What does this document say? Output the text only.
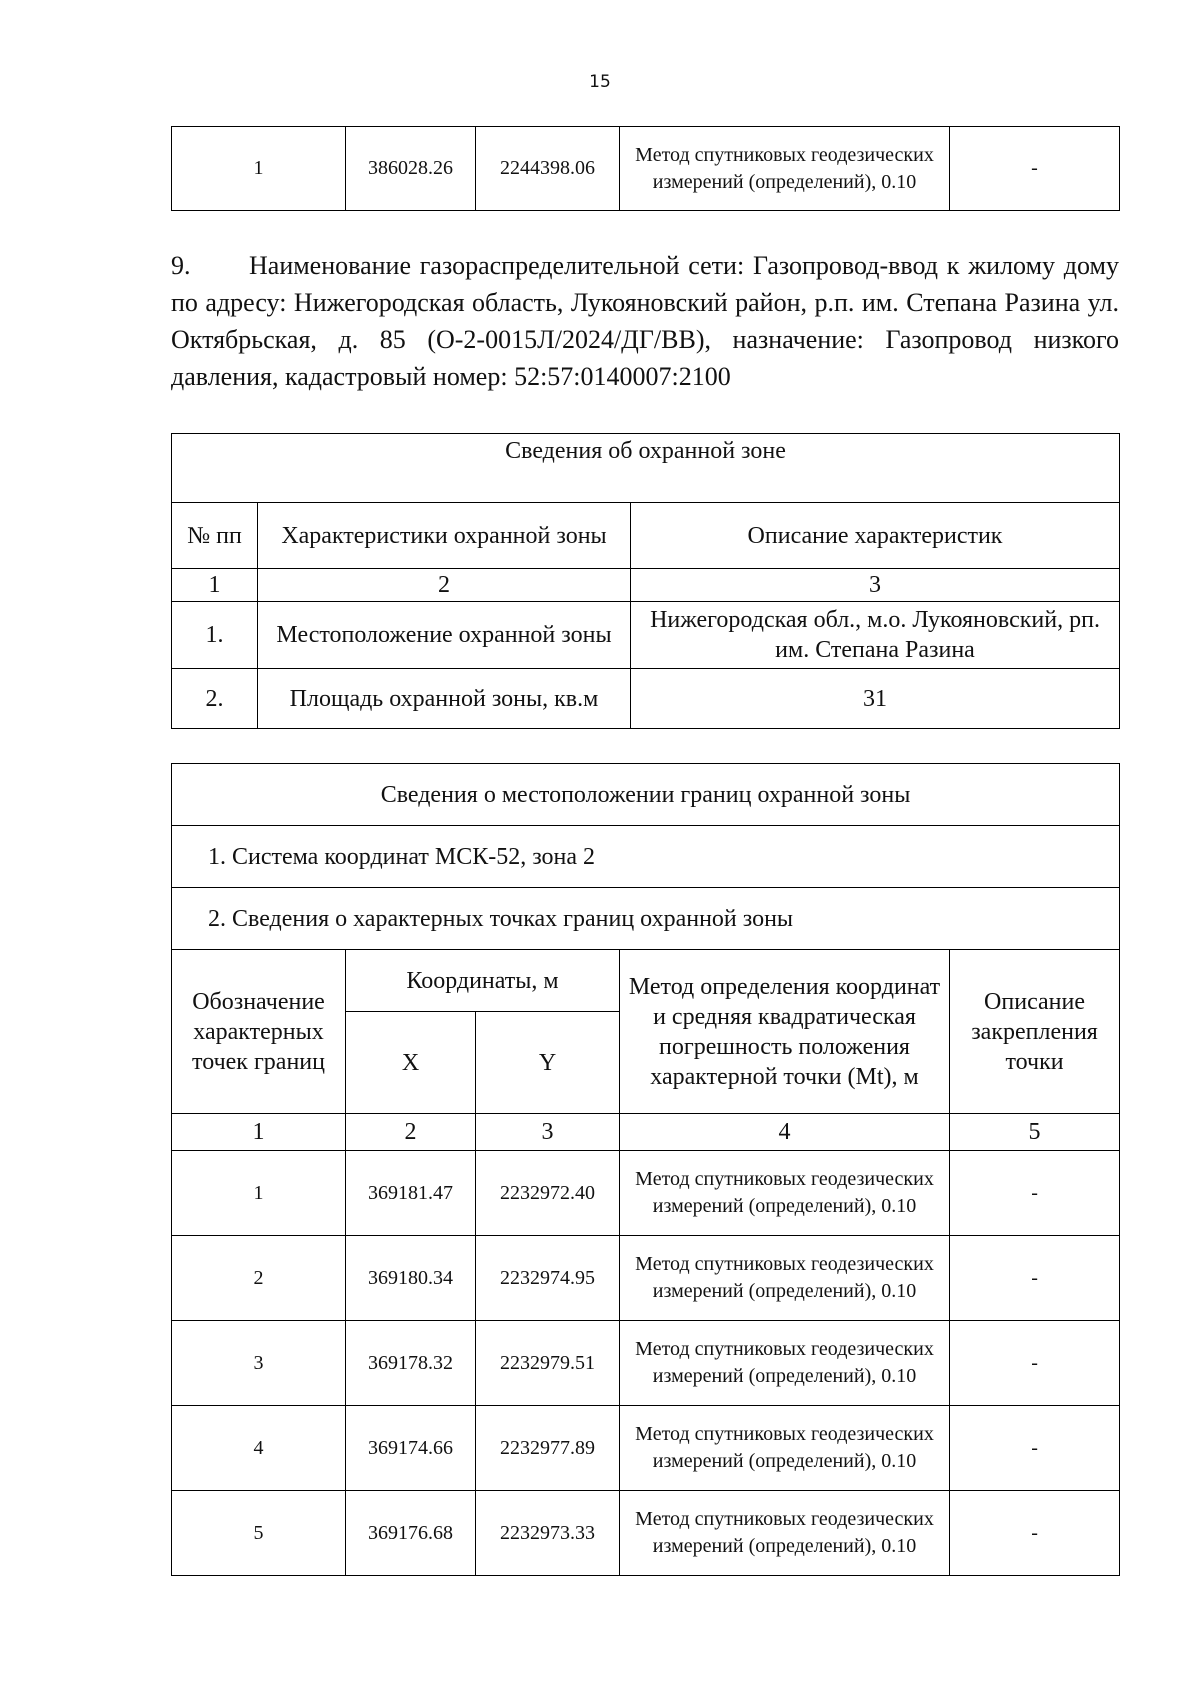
15
1	386028.26	2244398.06	Метод спутниковых геодезических измерений (определений), 0.10	-
9. Наименование газораспределительной сети: Газопровод-ввод к жилому дому по адресу: Нижегородская область, Лукояновский район, р.п. им. Степана Разина ул. Октябрьская, д. 85 (О-2-0015Л/2024/ДГ/ВВ), назначение: Газопровод низкого давления, кадастровый номер: 52:57:0140007:2100
Сведения об охранной зоне		
№ пп	Характеристики охранной зоны	Описание характеристик
1	2	3
1.	Местоположение охранной зоны	Нижегородская обл., м.о. Лукояновский, рп. им. Степана Разина
2.	Площадь охранной зоны, кв.м	31
Сведения о местоположении границ охранной зоны				
1. Система координат МСК-52, зона 2				
2. Сведения о характерных точках границ охранной зоны				
Обозначение характерных точек границ	Координаты, м		Метод определения координат и средняя квадратическая погрешность положения характерной точки (Mt), м	Описание закрепления точки
	X	Y		
1	2	3	4	5
1	369181.47	2232972.40	Метод спутниковых геодезических измерений (определений), 0.10	-
2	369180.34	2232974.95	Метод спутниковых геодезических измерений (определений), 0.10	-
3	369178.32	2232979.51	Метод спутниковых геодезических измерений (определений), 0.10	-
4	369174.66	2232977.89	Метод спутниковых геодезических измерений (определений), 0.10	-
5	369176.68	2232973.33	Метод спутниковых геодезических измерений (определений), 0.10	-
